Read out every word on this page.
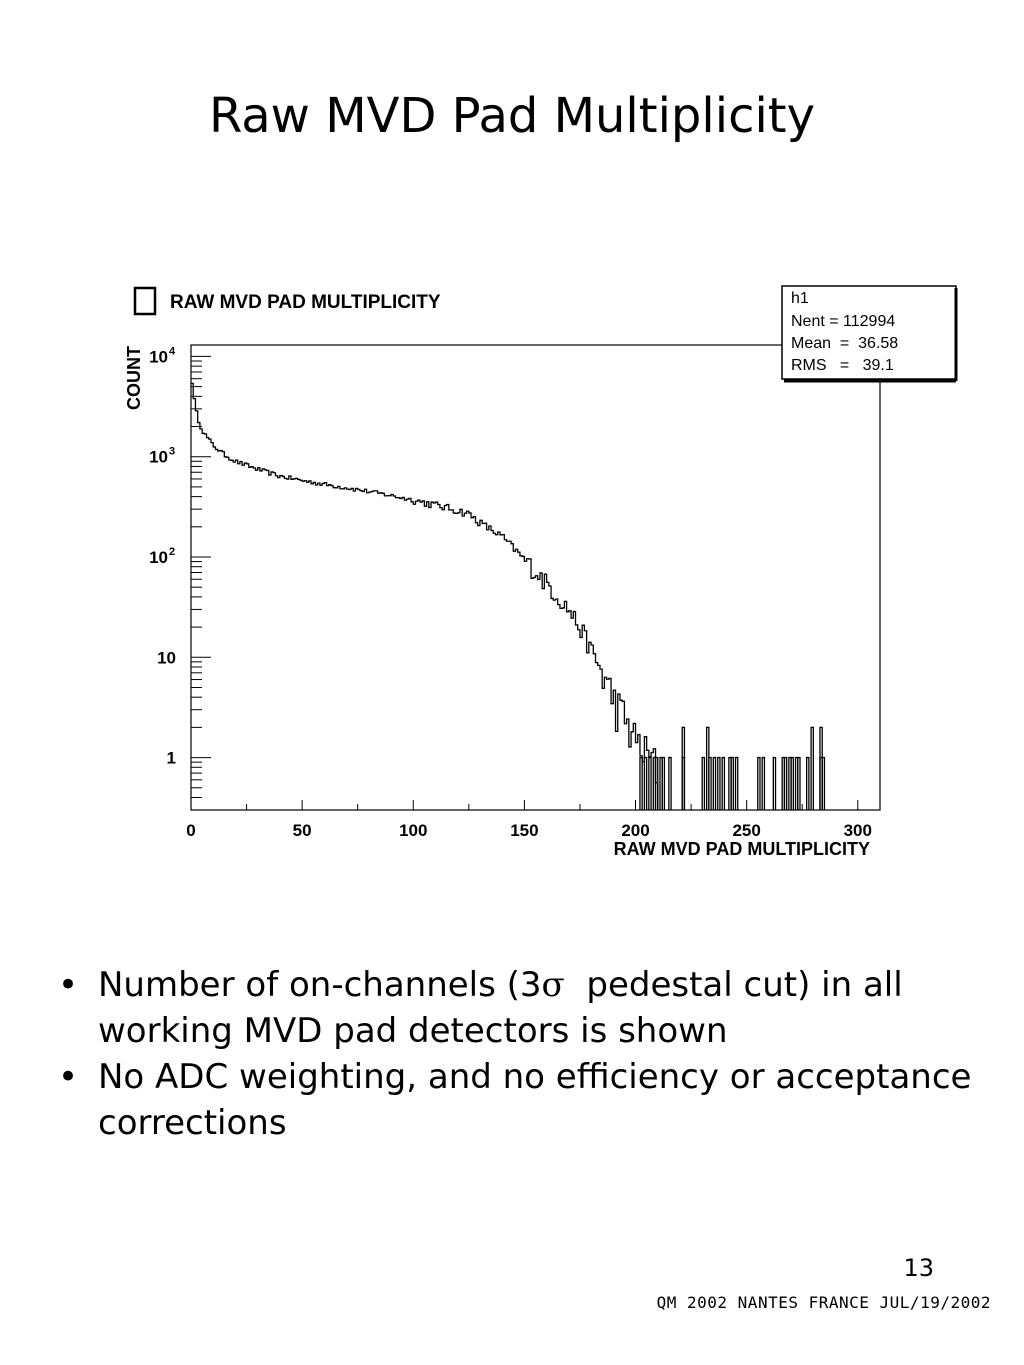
Raw MVD Pad Multiplicity
RAW MVD PAD MULTIPLICITY
0	50	100	150	200	250	300
1
10
10 2
10 3
10 4
RAW MVD PAD MULTIPLICITY
COUNT
h1
Nent = 112994
Mean  =  36.58
RMS   =   39.1
• Number of on-channels (3σ  pedestal cut) in all working MVD pad detectors is shown
• No ADC weighting, and no efficiency or acceptance corrections
13
QM 2002 NANTES FRANCE JUL/19/2002
